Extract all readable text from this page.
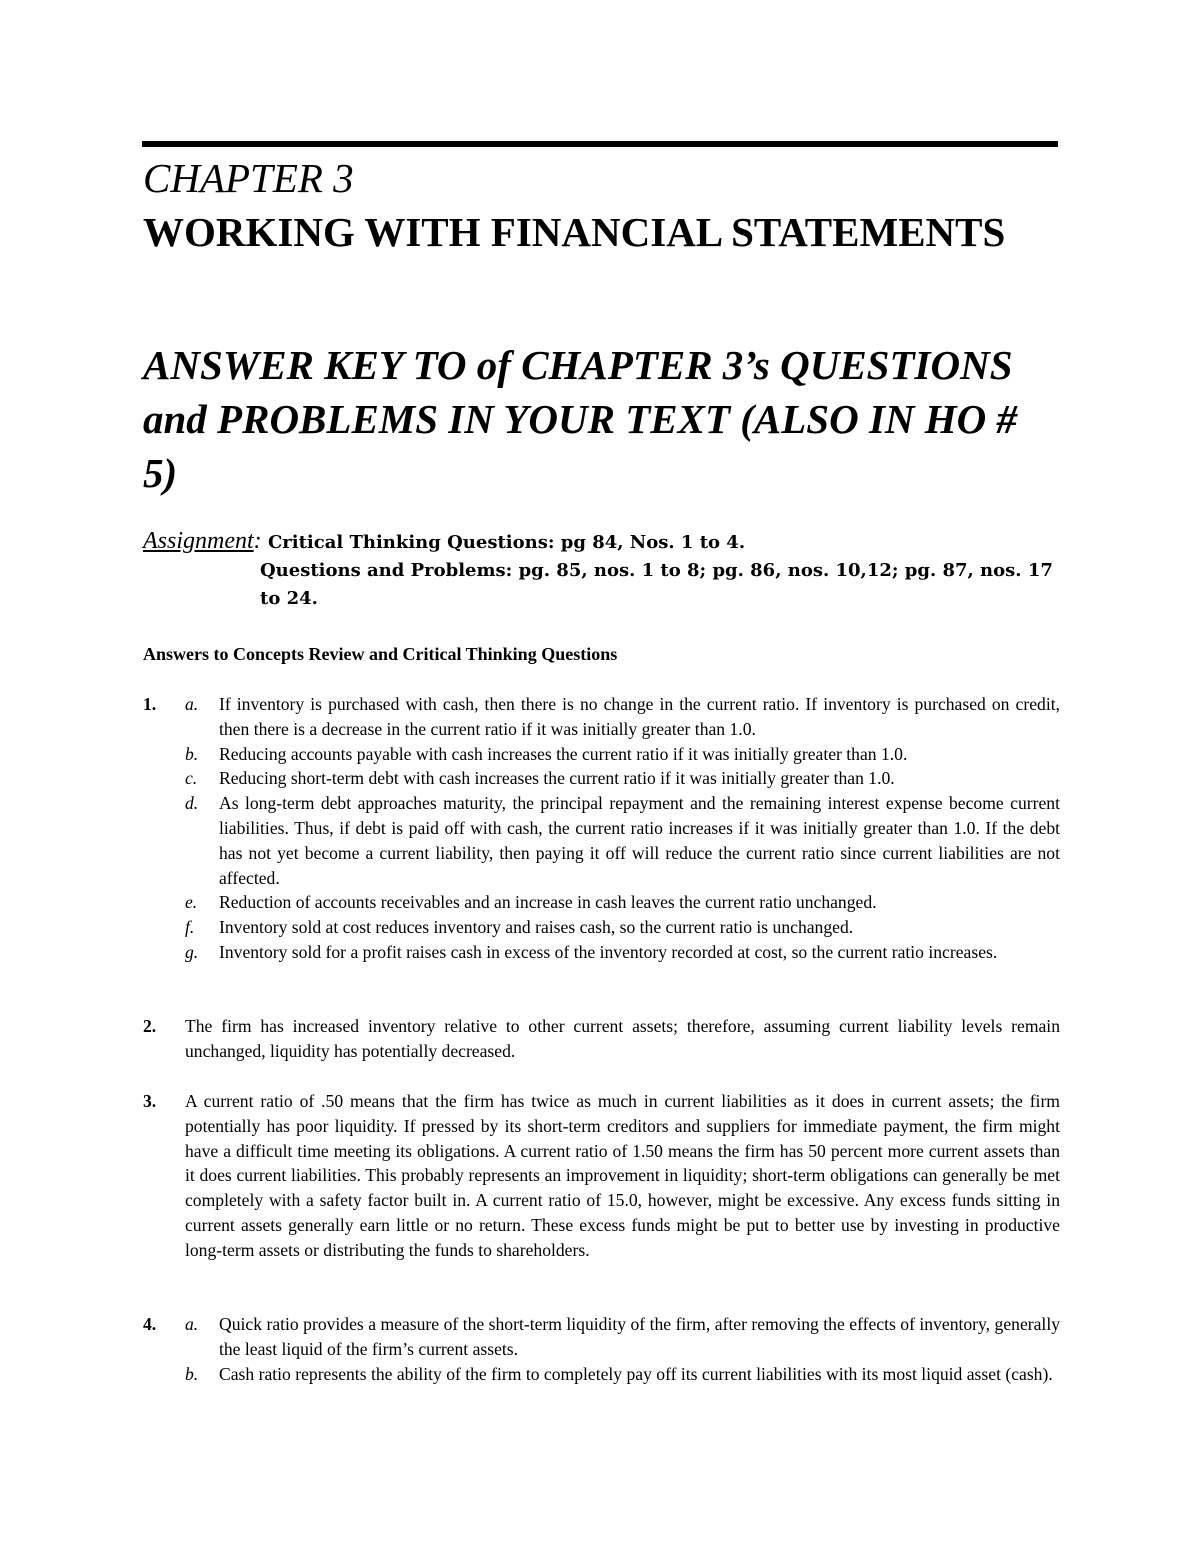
CHAPTER 3
WORKING WITH FINANCIAL STATEMENTS
ANSWER KEY TO of CHAPTER 3’s QUESTIONS and PROBLEMS IN YOUR TEXT (ALSO IN HO # 5)
Assignment: Critical Thinking Questions: pg 84, Nos. 1 to 4.
Questions and Problems: pg. 85, nos. 1 to 8; pg. 86, nos. 10,12; pg. 87, nos. 17 to 24.
Answers to Concepts Review and Critical Thinking Questions
1. a. If inventory is purchased with cash, then there is no change in the current ratio. If inventory is purchased on credit, then there is a decrease in the current ratio if it was initially greater than 1.0.
b. Reducing accounts payable with cash increases the current ratio if it was initially greater than 1.0.
c. Reducing short-term debt with cash increases the current ratio if it was initially greater than 1.0.
d. As long-term debt approaches maturity, the principal repayment and the remaining interest expense become current liabilities. Thus, if debt is paid off with cash, the current ratio increases if it was initially greater than 1.0. If the debt has not yet become a current liability, then paying it off will reduce the current ratio since current liabilities are not affected.
e. Reduction of accounts receivables and an increase in cash leaves the current ratio unchanged.
f. Inventory sold at cost reduces inventory and raises cash, so the current ratio is unchanged.
g. Inventory sold for a profit raises cash in excess of the inventory recorded at cost, so the current ratio increases.
2. The firm has increased inventory relative to other current assets; therefore, assuming current liability levels remain unchanged, liquidity has potentially decreased.
3. A current ratio of .50 means that the firm has twice as much in current liabilities as it does in current assets; the firm potentially has poor liquidity. If pressed by its short-term creditors and suppliers for immediate payment, the firm might have a difficult time meeting its obligations. A current ratio of 1.50 means the firm has 50 percent more current assets than it does current liabilities. This probably represents an improvement in liquidity; short-term obligations can generally be met completely with a safety factor built in. A current ratio of 15.0, however, might be excessive. Any excess funds sitting in current assets generally earn little or no return. These excess funds might be put to better use by investing in productive long-term assets or distributing the funds to shareholders.
4. a. Quick ratio provides a measure of the short-term liquidity of the firm, after removing the effects of inventory, generally the least liquid of the firm’s current assets.
b. Cash ratio represents the ability of the firm to completely pay off its current liabilities with its most liquid asset (cash).
